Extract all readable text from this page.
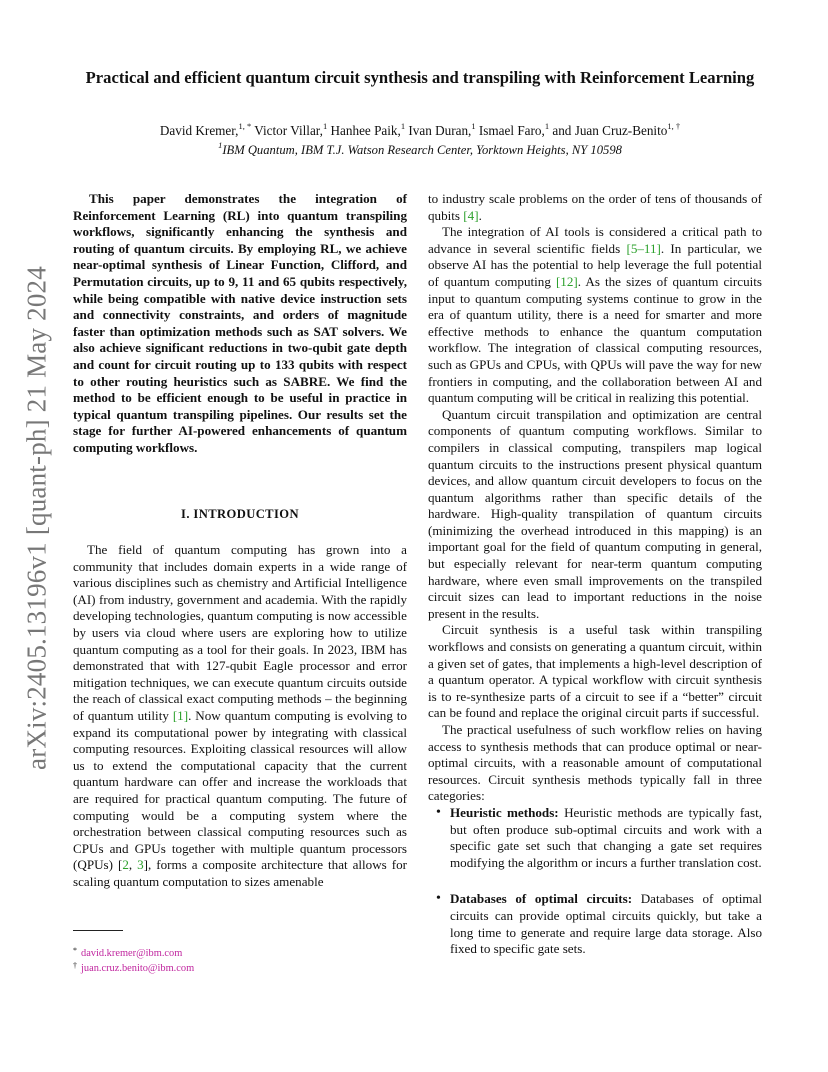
arXiv:2405.13196v1 [quant-ph] 21 May 2024
Practical and efficient quantum circuit synthesis and transpiling with Reinforcement Learning
David Kremer,$^{1, *}$ Victor Villar,$^1$ Hanhee Paik,$^1$ Ivan Duran,$^1$ Ismael Faro,$^1$ and Juan Cruz-Benito$^{1, \dagger}$
$^1$IBM Quantum, IBM T.J. Watson Research Center, Yorktown Heights, NY 10598
This paper demonstrates the integration of Reinforcement Learning (RL) into quantum transpiling workflows, significantly enhancing the synthesis and routing of quantum circuits. By employing RL, we achieve near-optimal synthesis of Linear Function, Clifford, and Permutation circuits, up to 9, 11 and 65 qubits respectively, while being compatible with native device instruction sets and connectivity constraints, and orders of magnitude faster than optimization methods such as SAT solvers. We also achieve significant reductions in two-qubit gate depth and count for circuit routing up to 133 qubits with respect to other routing heuristics such as SABRE. We find the method to be efficient enough to be useful in practice in typical quantum transpiling pipelines. Our results set the stage for further AI-powered enhancements of quantum computing workflows.
I. INTRODUCTION

The field of quantum computing has grown into a community that includes domain experts in a wide range of various disciplines such as chemistry and Artificial Intelligence (AI) from industry, government and academia. With the rapidly developing technologies, quantum computing is now accessible by users via cloud where users are exploring how to utilize quantum computing as a tool for their goals. In 2023, IBM has demonstrated that with 127-qubit Eagle processor and error mitigation techniques, we can execute quantum circuits outside the reach of classical exact computing methods – the beginning of quantum utility [1]. Now quantum computing is evolving to expand its computational power by integrating with classical computing resources. Exploiting classical resources will allow us to extend the computational capacity that the current quantum hardware can offer and increase the workloads that are required for practical quantum computing. The future of computing would be a computing system where the orchestration between classical computing resources such as CPUs and GPUs together with multiple quantum processors (QPUs) [2, 3], forms a composite architecture that allows for scaling quantum computation to sizes amenable

to industry scale problems on the order of tens of thousands of qubits [4].

The integration of AI tools is considered a critical path to advance in several scientific fields [5–11]. In particular, we observe AI has the potential to help leverage the full potential of quantum computing [12]. As the sizes of quantum circuits input to quantum computing systems continue to grow in the era of quantum utility, there is a need for smarter and more effective methods to enhance the quantum computation workflow. The integration of classical computing resources, such as GPUs and CPUs, with QPUs will pave the way for new frontiers in computing, and the collaboration between AI and quantum computing will be critical in realizing this potential.

Quantum circuit transpilation and optimization are central components of quantum computing workflows. Similar to compilers in classical computing, transpilers map logical quantum circuits to the instructions present physical quantum devices, and allow quantum circuit developers to focus on the quantum algorithms rather than specific details of the hardware. High-quality transpilation of quantum circuits (minimizing the overhead introduced in this mapping) is an important goal for the field of quantum computing in general, but especially relevant for near-term quantum computing hardware, where even small improvements on the transpiled circuit sizes can lead to important reductions in the noise present in the results.

Circuit synthesis is a useful task within transpiling workflows and consists on generating a quantum circuit, within a given set of gates, that implements a high-level description of a quantum operator. A typical workflow with circuit synthesis is to re-synthesize parts of a circuit to see if a “better” circuit can be found and replace the original circuit parts if successful.

The practical usefulness of such workflow relies on having access to synthesis methods that can produce optimal or near-optimal circuits, with a reasonable amount of computational resources. Circuit synthesis methods typically fall in three categories:

• Heuristic methods: Heuristic methods are typically fast, but often produce sub-optimal circuits and work with a specific gate set such that changing a gate set requires modifying the algorithm or incurs a further translation cost.
• Databases of optimal circuits: Databases of optimal circuits can provide optimal circuits quickly, but take a long time to generate and require large data storage. Also fixed to specific gate sets.
* david.kremer@ibm.com
† juan.cruz.benito@ibm.com
